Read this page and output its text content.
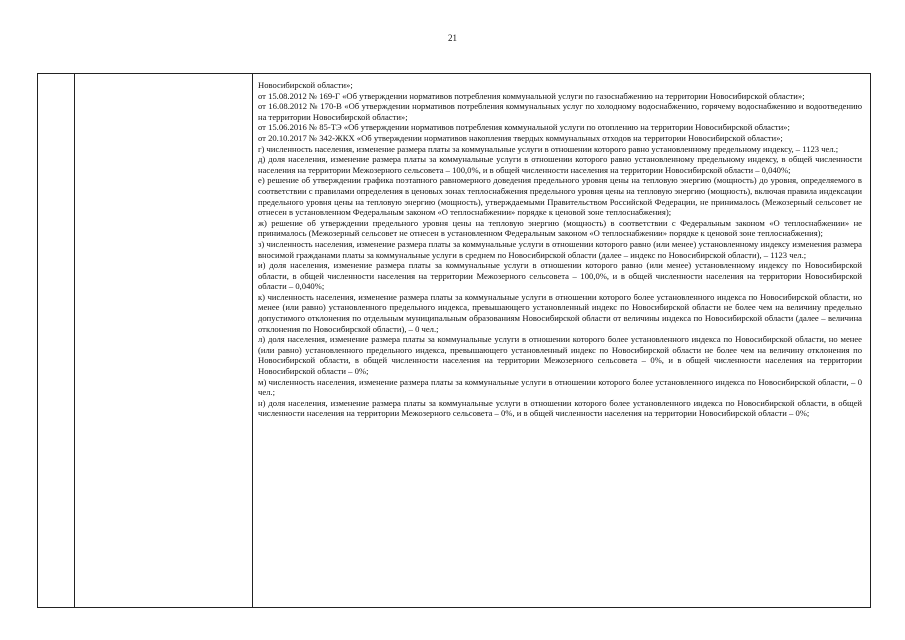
21

Новосибирской области»;

от 15.08.2012 № 169-Г «Об утверждении нормативов потребления коммунальной услуги по газоснабжению на территории Новосибирской области»;

от 16.08.2012 № 170-В «Об утверждении нормативов потребления коммунальных услуг по холодному водоснабжению, горячему водоснабжению и водоотведению на территории Новосибирской области»;

от 15.06.2016 № 85-ТЭ «Об утверждении нормативов потребления коммунальной услуги по отоплению на территории Новосибирской области»;

от 20.10.2017 № 342-ЖКХ «Об утверждении нормативов накопления твердых коммунальных отходов на территории Новосибирской области»;

г) численность населения, изменение размера платы за коммунальные услуги в отношении которого равно установленному предельному индексу, – 1123 чел.;

д) доля населения, изменение размера платы за коммунальные услуги в отношении которого равно установленному предельному индексу, в общей численности населения на территории Межозерного сельсовета – 100,0%, и в общей численности населения на территории Новосибирской области – 0,040%;

е) решение об утверждении графика поэтапного равномерного доведения предельного уровня цены на тепловую энергию (мощность) до уровня, определяемого в соответствии с правилами определения в ценовых зонах теплоснабжения предельного уровня цены на тепловую энергию (мощность), включая правила индексации предельного уровня цены на тепловую энергию (мощность), утверждаемыми Правительством Российской Федерации, не принималось (Межозерный сельсовет не отнесен в установленном Федеральным законом «О теплоснабжении» порядке к ценовой зоне теплоснабжения);

ж) решение об утверждении предельного уровня цены на тепловую энергию (мощность) в соответствии с Федеральным законом «О теплоснабжении» не принималось (Межозерный сельсовет не отнесен в установленном Федеральным законом «О теплоснабжении» порядке к ценовой зоне теплоснабжения);

з) численность населения, изменение размера платы за коммунальные услуги в отношении которого равно (или менее) установленному индексу изменения размера вносимой гражданами платы за коммунальные услуги в среднем по Новосибирской области (далее – индекс по Новосибирской области), – 1123 чел.;

и) доля населения, изменение размера платы за коммунальные услуги в отношении которого равно (или менее) установленному индексу по Новосибирской области, в общей численности населения на территории Межозерного сельсовета – 100,0%, и в общей численности населения на территории Новосибирской области – 0,040%;

к) численность населения, изменение размера платы за коммунальные услуги в отношении которого более установленного индекса по Новосибирской области, но менее (или равно) установленного предельного индекса, превышающего установленный индекс по Новосибирской области не более чем на величину предельно допустимого отклонения по отдельным муниципальным образованиям Новосибирской области от величины индекса по Новосибирской области (далее – величина отклонения по Новосибирской области), – 0 чел.;

л) доля населения, изменение размера платы за коммунальные услуги в отношении которого более установленного индекса по Новосибирской области, но менее (или равно) установленного предельного индекса, превышающего установленный индекс по Новосибирской области не более чем на величину отклонения по Новосибирской области, в общей численности населения на территории Межозерного сельсовета – 0%, и в общей численности населения на территории Новосибирской области – 0%;

м) численность населения, изменение размера платы за коммунальные услуги в отношении которого более установленного индекса по Новосибирской области, – 0 чел.;

н) доля населения, изменение размера платы за коммунальные услуги в отношении которого более установленного индекса по Новосибирской области, в общей численности населения на территории Межозерного сельсовета – 0%, и в общей численности населения на территории Новосибирской области – 0%;
